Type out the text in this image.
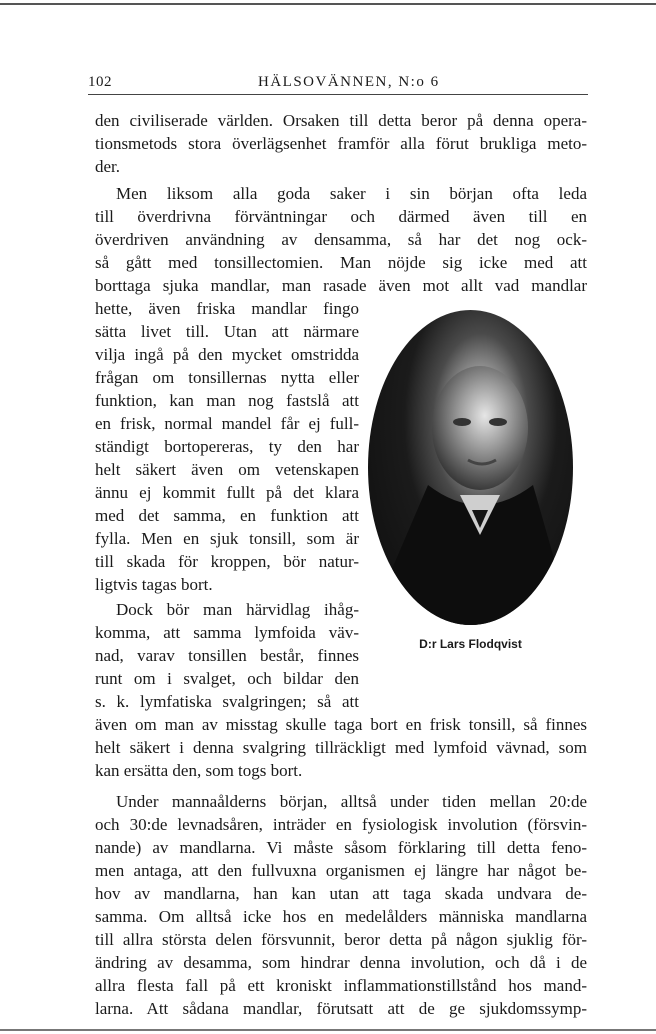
102	HÄLSOVÄNNEN, N:o 6
den civiliserade världen. Orsaken till detta beror på denna opera-
tionsmetods stora överlägsenhet framför alla förut brukliga meto-
der.
Men liksom alla goda saker i sin början ofta leda
till överdrivna förväntningar och därmed även till en
överdriven användning av densamma, så har det nog ock-
så gått med tonsillectomien. Man nöjde sig icke med att
borttaga sjuka mandlar, man rasade även mot allt vad mandlar
hette, även friska mandlar fingo
sätta livet till. Utan att närmare
vilja ingå på den mycket omstridda
frågan om tonsillernas nytta eller
funktion, kan man nog fastslå att
en frisk, normal mandel får ej full-
ständigt bortopereras, ty den har
helt säkert även om vetenskapen
ännu ej kommit fullt på det klara
med det samma, en funktion att
fylla. Men en sjuk tonsill, som är
till skada för kroppen, bör natur-
ligtvis tagas bort.
Dock bör man härvidlag ihåg-
komma, att samma lymfoida väv-
nad, varav tonsillen består, finnes
runt om i svalget, och bildar den
s. k. lymfatiska svalgringen; så att
även om man av misstag skulle taga bort en frisk tonsill, så finnes
helt säkert i denna svalgring tillräckligt med lymfoid vävnad, som
kan ersätta den, som togs bort.
Under mannaålderns början, alltså under tiden mellan 20:de
och 30:de levnadsåren, inträder en fysiologisk involution (försvin-
nande) av mandlarna. Vi måste såsom förklaring till detta feno-
men antaga, att den fullvuxna organismen ej längre har något be-
hov av mandlarna, han kan utan att taga skada undvara de-
samma. Om alltså icke hos en medelålders människa mandlarna
till allra största delen försvunnit, beror detta på någon sjuklig för-
ändring av desamma, som hindrar denna involution, och då i de
allra flesta fall på ett kroniskt inflammationstillstånd hos mand-
larna. Att sådana mandlar, förutsatt att de ge sjukdomssymp-
D:r Lars Flodqvist
